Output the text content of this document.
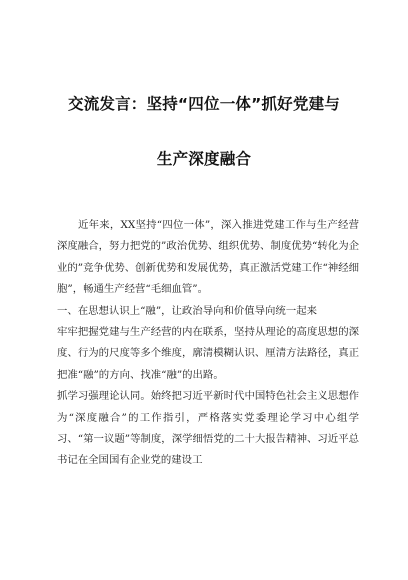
交流发言：坚持“四位一体”抓好党建与
生产深度融合

近年来，XX坚持“四位一体”，深入推进党建工作与生产经营深度融合，努力把党的”政治优势、组织优势、制度优势“转化为企业的”竞争优势、创新优势和发展优势，真正激活党建工作“神经细胞”，畅通生产经营“毛细血管”。

一、在思想认识上“融”，让政治导向和价值导向统一起来

牢牢把握党建与生产经营的内在联系，坚持从理论的高度思想的深度、行为的尺度等多个维度，廓清模糊认识、厘清方法路径，真正把准“融”的方向、找准“融”的出路。

抓学习强理论认同。始终把习近平新时代中国特色社会主义思想作为“深度融合”的工作指引，严格落实党委理论学习中心组学习、“第一议题”等制度，深学细悟党的二十大报告精神、习近平总书记在全国国有企业党的建设工
